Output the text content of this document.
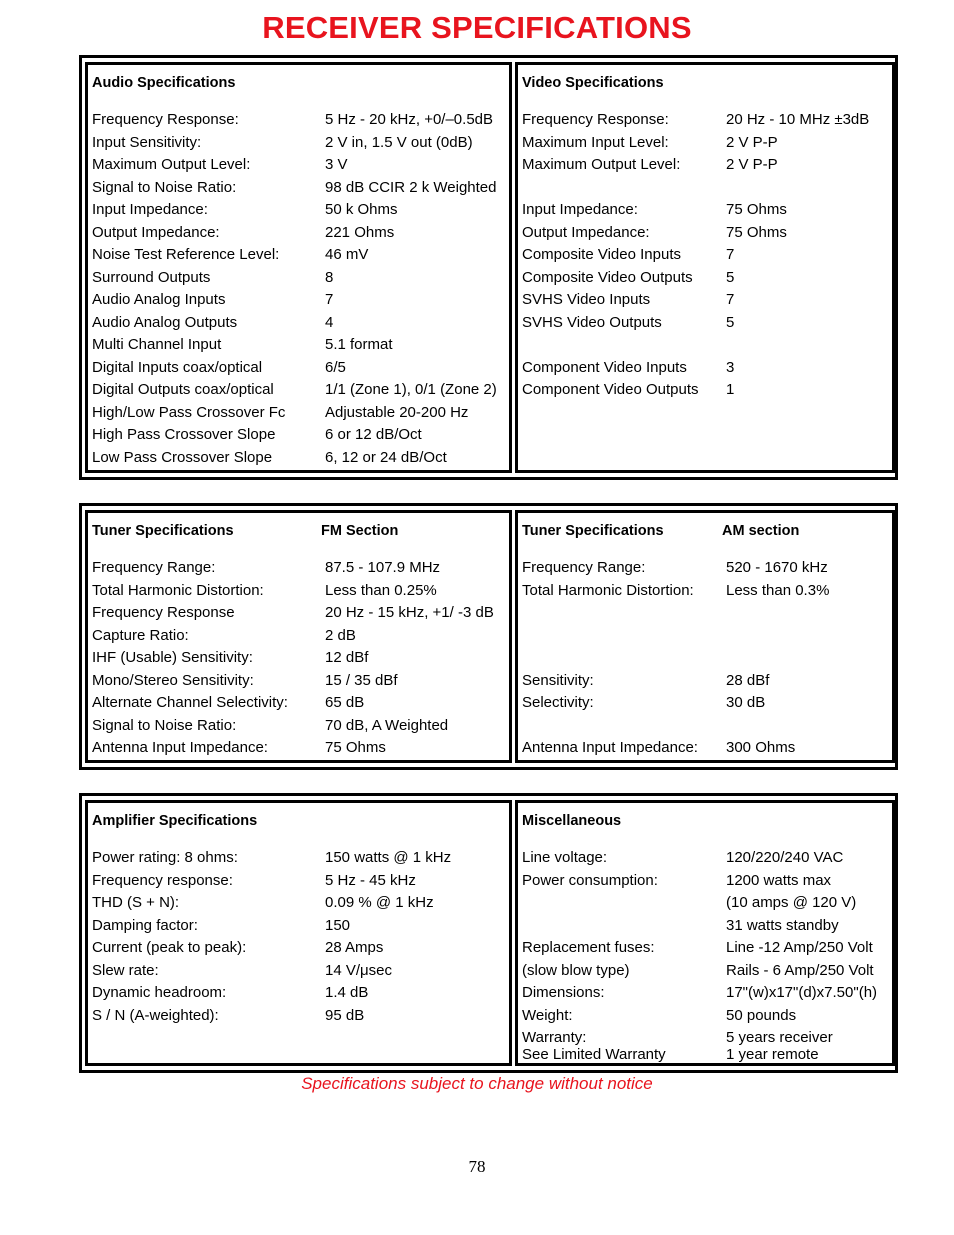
RECEIVER SPECIFICATIONS
Audio Specifications
Frequency Response:	5 Hz - 20 kHz, +0/–0.5dB
Input Sensitivity:	2 V in, 1.5 V out (0dB)
Maximum Output Level:	3 V
Signal to Noise Ratio:	98 dB CCIR 2 k Weighted
Input Impedance:	50 k Ohms
Output Impedance:	221 Ohms
Noise Test Reference Level:	46 mV
Surround Outputs	8
Audio Analog Inputs	7
Audio Analog Outputs	4
Multi Channel Input	5.1 format
Digital Inputs coax/optical	6/5
Digital Outputs coax/optical	1/1 (Zone 1), 0/1 (Zone 2)
High/Low Pass Crossover Fc	Adjustable 20-200 Hz
High Pass Crossover Slope	6 or 12 dB/Oct
Low Pass Crossover Slope	6, 12 or 24 dB/Oct
Video Specifications
Frequency Response:	20 Hz - 10 MHz ±3dB
Maximum Input Level:	2 V P-P
Maximum Output Level:	2 V P-P
Input Impedance:	75 Ohms
Output Impedance:	75 Ohms
Composite Video Inputs	7
Composite Video Outputs 5
SVHS Video Inputs	7
SVHS Video Outputs	5
Component Video Inputs	3
Component Video Outputs 1
Tuner Specifications	FM Section
Frequency Range:	87.5 - 107.9 MHz
Total Harmonic Distortion:	Less than 0.25%
Frequency Response	20 Hz - 15 kHz, +1/ -3 dB
Capture Ratio:	2 dB
IHF (Usable) Sensitivity:	12 dBf
Mono/Stereo Sensitivity:	15 / 35 dBf
Alternate Channel Selectivity: 65 dB
Signal to Noise Ratio:	70 dB, A Weighted
Antenna Input Impedance:	75 Ohms
Tuner Specifications	AM section
Frequency Range:	520 - 1670 kHz
Total Harmonic Distortion: Less than 0.3%
Sensitivity:	28 dBf
Selectivity:	30 dB
Antenna Input Impedance: 300 Ohms
Amplifier Specifications
Power rating: 8 ohms:	150 watts @ 1 kHz
Frequency response:	5 Hz - 45 kHz
THD (S + N):	0.09 % @ 1 kHz
Damping factor:	150
Current (peak to peak):	28 Amps
Slew rate:	14 V/μsec
Dynamic headroom:	1.4 dB
S / N (A-weighted):	95 dB
Miscellaneous
Line voltage:	120/220/240 VAC
Power consumption:	1200 watts max
(10 amps @ 120 V)
31 watts standby
Replacement fuses:	Line -12 Amp/250 Volt
(slow blow type)	Rails - 6 Amp/250 Volt
Dimensions:	17"(w)x17"(d)x7.50"(h)
Weight:	50 pounds
Warranty:	5 years receiver
See Limited Warranty	1 year remote
Specifications subject to change without notice
78
